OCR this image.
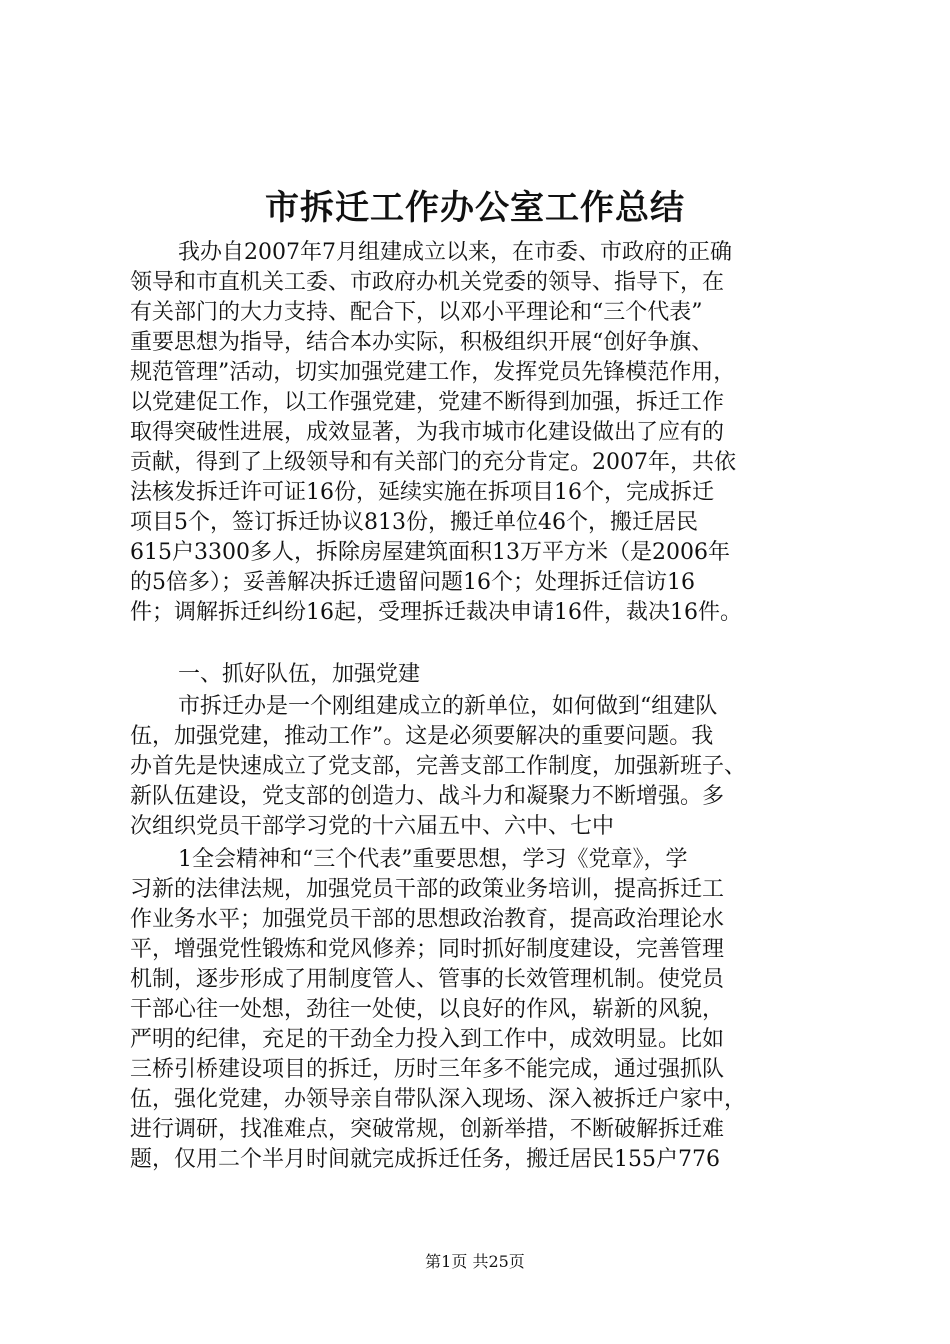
市拆迁工作办公室工作总结
我办自2007年7月组建成立以来，在市委、市政府的正确
领导和市直机关工委、市政府办机关党委的领导、指导下，在
有关部门的大力支持、配合下，以邓小平理论和“三个代表”
重要思想为指导，结合本办实际，积极组织开展“创好争旗、
规范管理”活动，切实加强党建工作，发挥党员先锋模范作用，
以党建促工作，以工作强党建，党建不断得到加强，拆迁工作
取得突破性进展，成效显著，为我市城市化建设做出了应有的
贡献，得到了上级领导和有关部门的充分肯定。2007年，共依
法核发拆迁许可证16份，延续实施在拆项目16个，完成拆迁
项目5个，签订拆迁协议813份，搬迁单位46个，搬迁居民
615户3300多人，拆除房屋建筑面积13万平方米（是2006年
的5倍多）；妥善解决拆迁遗留问题16个；处理拆迁信访16
件；调解拆迁纠纷16起，受理拆迁裁决申请16件，裁决16件。
一、抓好队伍，加强党建
市拆迁办是一个刚组建成立的新单位，如何做到“组建队
伍，加强党建，推动工作”。这是必须要解决的重要问题。我
办首先是快速成立了党支部，完善支部工作制度，加强新班子、
新队伍建设，党支部的创造力、战斗力和凝聚力不断增强。多
次组织党员干部学习党的十六届五中、六中、七中
1全会精神和“三个代表”重要思想，学习《党章》，学
习新的法律法规，加强党员干部的政策业务培训，提高拆迁工
作业务水平；加强党员干部的思想政治教育，提高政治理论水
平，增强党性锻炼和党风修养；同时抓好制度建设，完善管理
机制，逐步形成了用制度管人、管事的长效管理机制。使党员
干部心往一处想，劲往一处使，以良好的作风，崭新的风貌，
严明的纪律，充足的干劲全力投入到工作中，成效明显。比如
三桥引桥建设项目的拆迁，历时三年多不能完成，通过强抓队
伍，强化党建，办领导亲自带队深入现场、深入被拆迁户家中，
进行调研，找准难点，突破常规，创新举措，不断破解拆迁难
题，仅用二个半月时间就完成拆迁任务，搬迁居民155户776
第1页 共25页
